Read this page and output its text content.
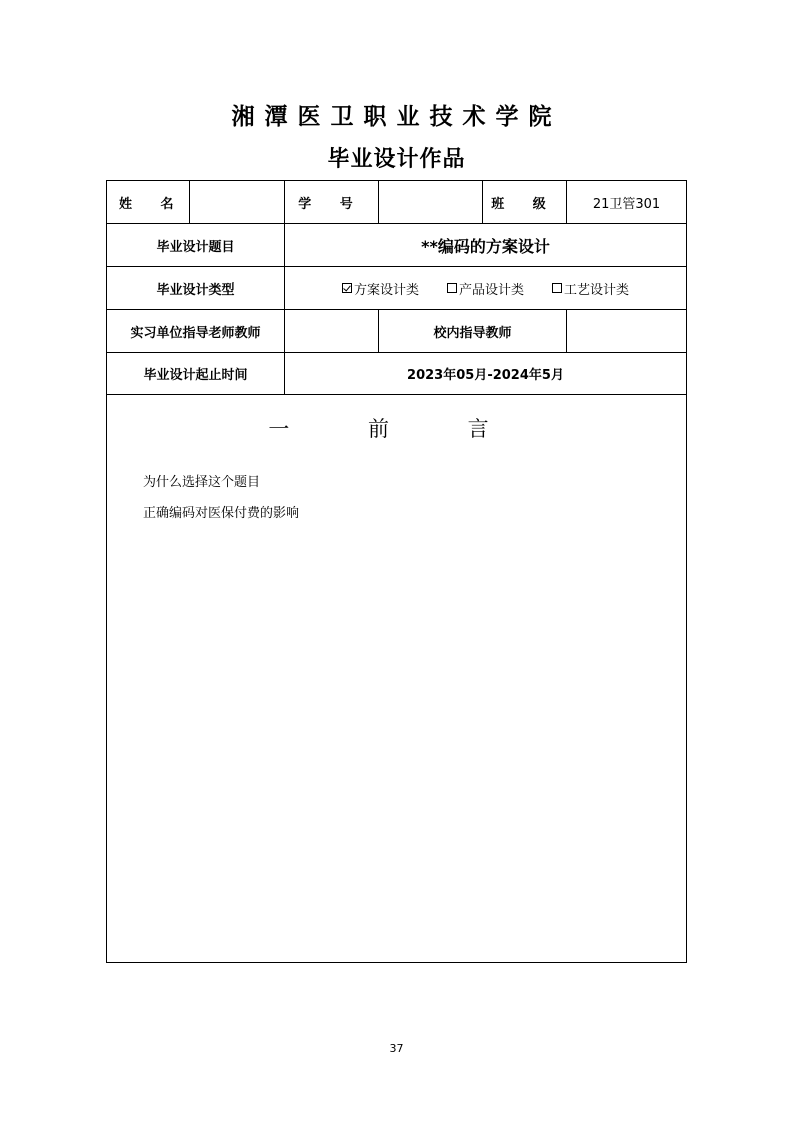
湘潭医卫职业技术学院
毕业设计作品
姓 名	学 号	班 级	21卫管301
毕业设计题目	**编码的方案设计
毕业设计类型	方案设计类	产品设计类	工艺设计类
实习单位指导老师教师	校内指导教师
毕业设计起止时间	2023年05月-2024年5月
一 前 言
为什么选择这个题目
正确编码对医保付费的影响
37
